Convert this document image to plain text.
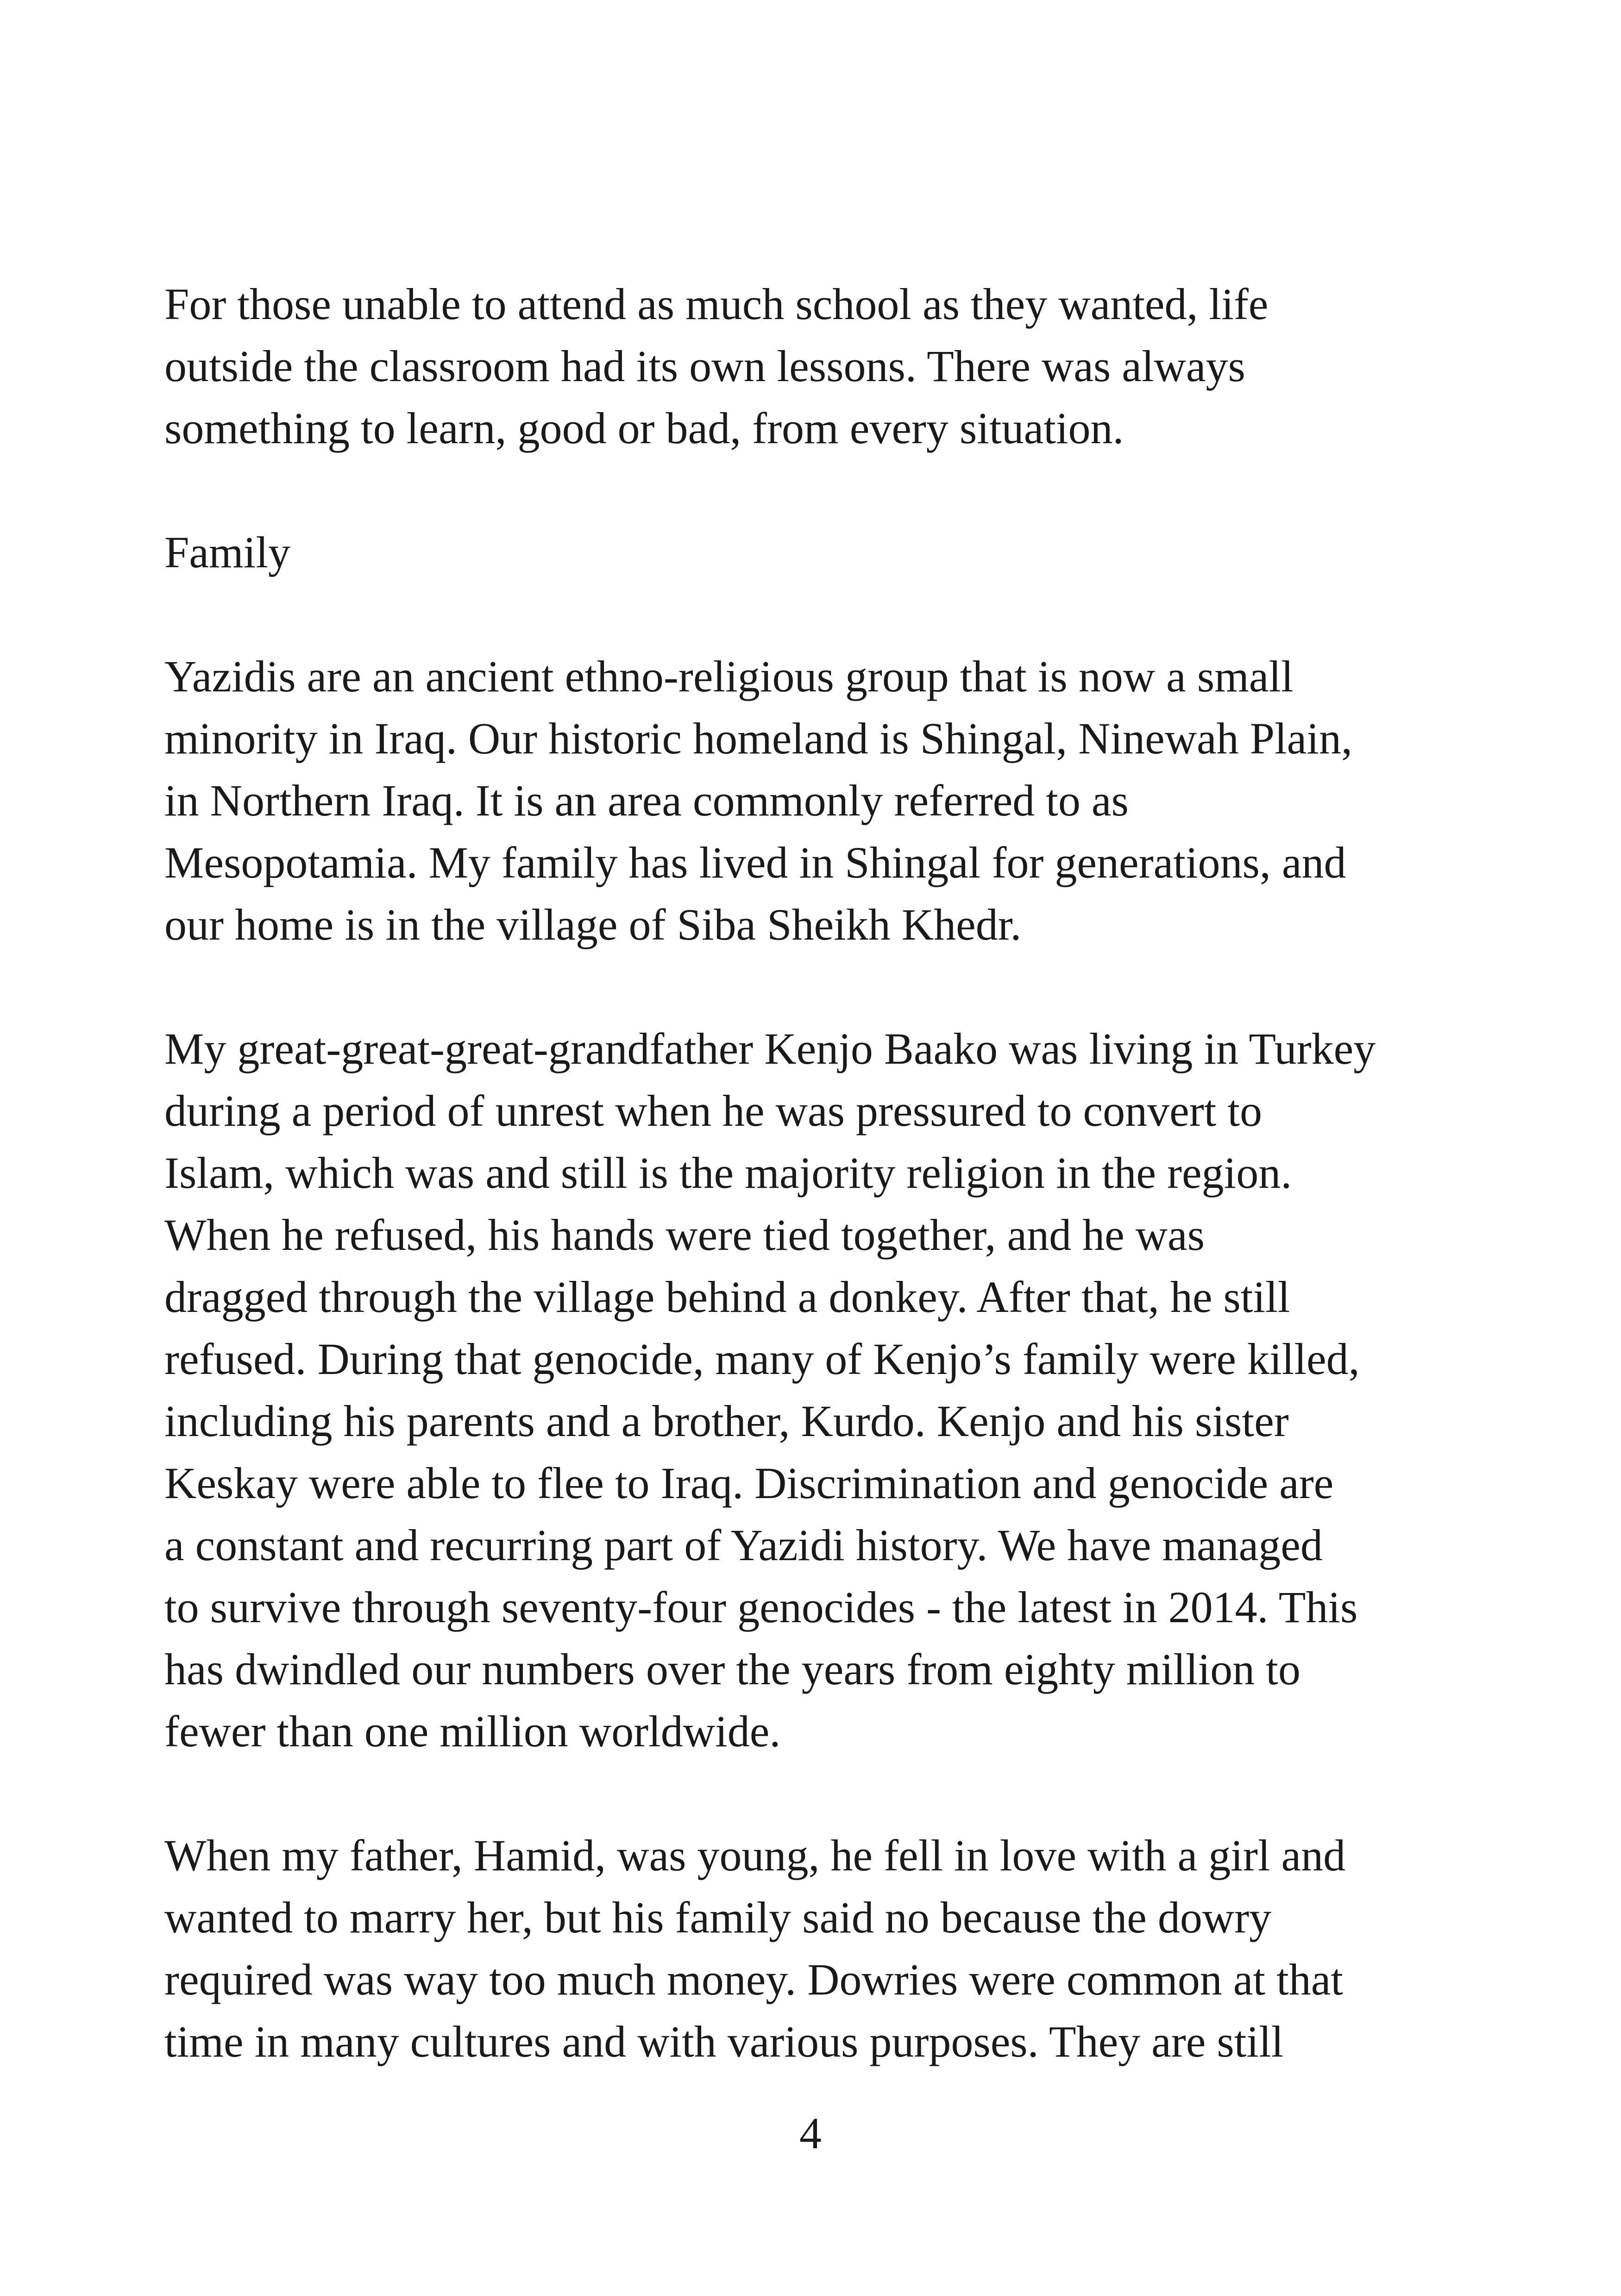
For those unable to attend as much school as they wanted, life
outside the classroom had its own lessons. There was always
something to learn, good or bad, from every situation.

Family

Yazidis are an ancient ethno-religious group that is now a small
minority in Iraq. Our historic homeland is Shingal, Ninewah Plain,
in Northern Iraq. It is an area commonly referred to as
Mesopotamia. My family has lived in Shingal for generations, and
our home is in the village of Siba Sheikh Khedr.

My great-great-great-grandfather Kenjo Baako was living in Turkey
during a period of unrest when he was pressured to convert to
Islam, which was and still is the majority religion in the region.
When he refused, his hands were tied together, and he was
dragged through the village behind a donkey. After that, he still
refused. During that genocide, many of Kenjo’s family were killed,
including his parents and a brother, Kurdo. Kenjo and his sister
Keskay were able to flee to Iraq. Discrimination and genocide are
a constant and recurring part of Yazidi history. We have managed
to survive through seventy-four genocides - the latest in 2014. This
has dwindled our numbers over the years from eighty million to
fewer than one million worldwide.

When my father, Hamid, was young, he fell in love with a girl and
wanted to marry her, but his family said no because the dowry
required was way too much money. Dowries were common at that
time in many cultures and with various purposes. They are still

4
